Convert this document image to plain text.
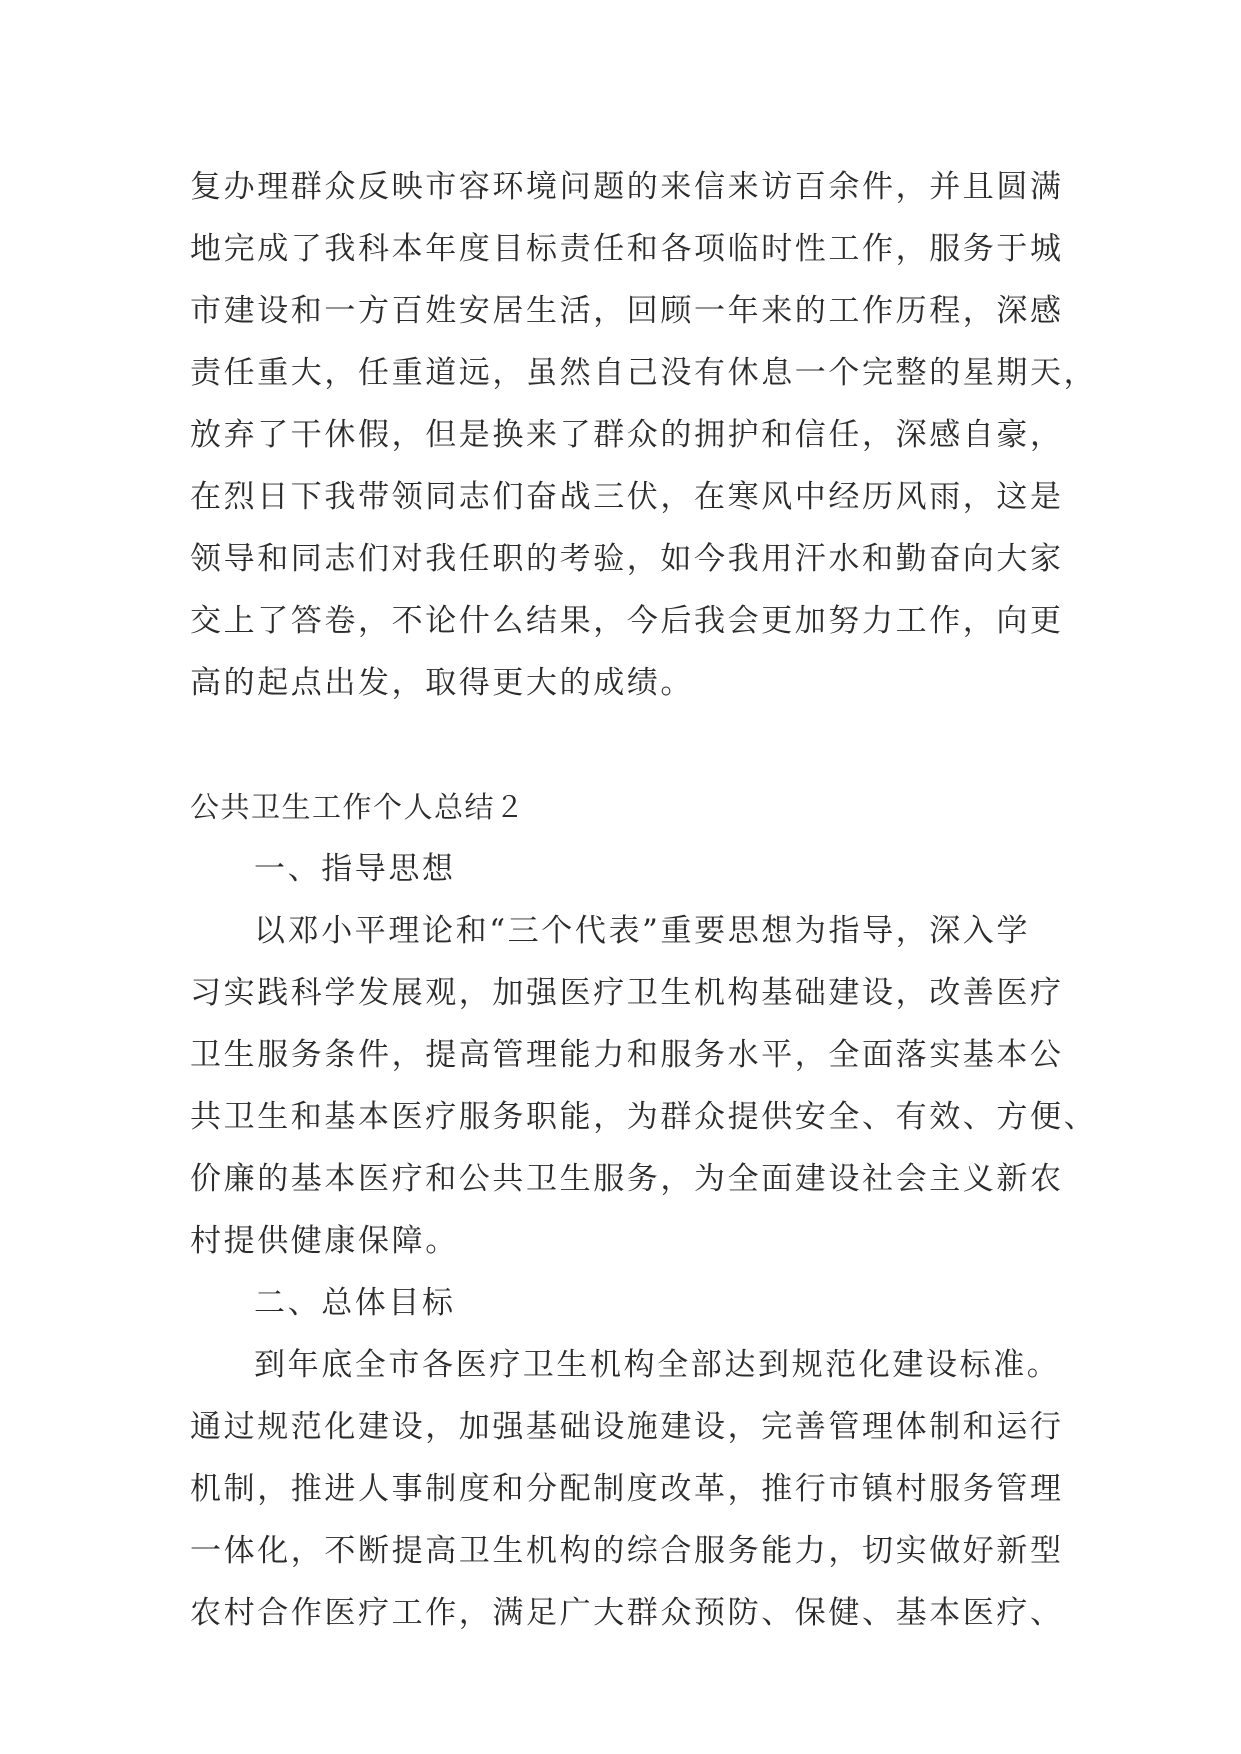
复办理群众反映市容环境问题的来信来访百余件，并且圆满
地完成了我科本年度目标责任和各项临时性工作，服务于城
市建设和一方百姓安居生活，回顾一年来的工作历程，深感
责任重大，任重道远，虽然自己没有休息一个完整的星期天，
放弃了干休假，但是换来了群众的拥护和信任，深感自豪，
在烈日下我带领同志们奋战三伏，在寒风中经历风雨，这是
领导和同志们对我任职的考验，如今我用汗水和勤奋向大家
交上了答卷，不论什么结果，今后我会更加努力工作，向更
高的起点出发，取得更大的成绩。
公共卫生工作个人总结２
一、指导思想
以邓小平理论和“三个代表”重要思想为指导，深入学
习实践科学发展观，加强医疗卫生机构基础建设，改善医疗
卫生服务条件，提高管理能力和服务水平，全面落实基本公
共卫生和基本医疗服务职能，为群众提供安全、有效、方便、
价廉的基本医疗和公共卫生服务，为全面建设社会主义新农
村提供健康保障。
二、总体目标
到年底全市各医疗卫生机构全部达到规范化建设标准。
通过规范化建设，加强基础设施建设，完善管理体制和运行
机制，推进人事制度和分配制度改革，推行市镇村服务管理
一体化，不断提高卫生机构的综合服务能力，切实做好新型
农村合作医疗工作，满足广大群众预防、保健、基本医疗、
